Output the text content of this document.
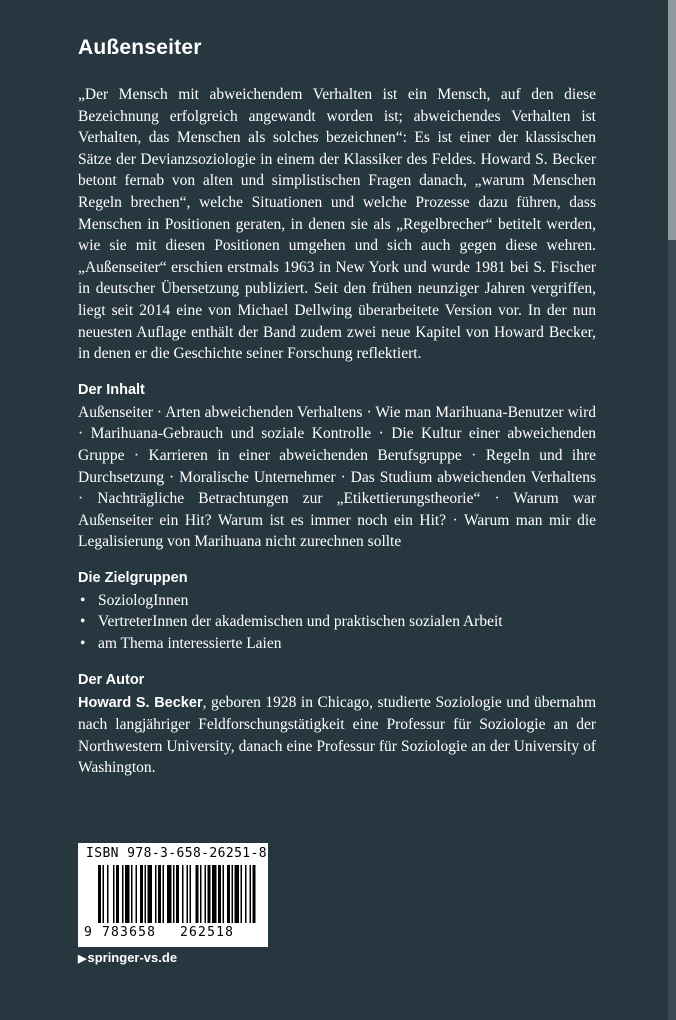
Außenseiter

„Der Mensch mit abweichendem Verhalten ist ein Mensch, auf den diese Bezeichnung erfolgreich angewandt worden ist; abweichendes Verhalten ist Verhalten, das Menschen als solches bezeichnen“: Es ist einer der klassischen Sätze der Devianzsoziologie in einem der Klassiker des Feldes. Howard S. Becker betont fernab von alten und simplistischen Fragen danach, „warum Menschen Regeln brechen“, welche Situationen und welche Prozesse dazu führen, dass Menschen in Positionen geraten, in denen sie als „Regelbrecher“ betitelt werden, wie sie mit diesen Positionen umgehen und sich auch gegen diese wehren. „Außenseiter“ erschien erstmals 1963 in New York und wurde 1981 bei S. Fischer in deutscher Übersetzung publiziert. Seit den frühen neunziger Jahren vergriffen, liegt seit 2014 eine von Michael Dellwing überarbeitete Version vor. In der nun neuesten Auflage enthält der Band zudem zwei neue Kapitel von Howard Becker, in denen er die Geschichte seiner Forschung reflektiert.

Der Inhalt

Außenseiter · Arten abweichenden Verhaltens · Wie man Marihuana-Benutzer wird · Marihuana-Gebrauch und soziale Kontrolle · Die Kultur einer abweichenden Gruppe · Karrieren in einer abweichenden Berufsgruppe · Regeln und ihre Durchsetzung · Moralische Unternehmer · Das Studium abweichenden Verhaltens · Nachträgliche Betrachtungen zur „Etikettierungstheorie“ · Warum war Außenseiter ein Hit? Warum ist es immer noch ein Hit? · Warum man mir die Legalisierung von Marihuana nicht zurechnen sollte

Die Zielgruppen
• SoziologInnen
• VertreterInnen der akademischen und praktischen sozialen Arbeit
• am Thema interessierte Laien
Der Autor

Howard S. Becker, geboren 1928 in Chicago, studierte Soziologie und übernahm nach langjähriger Feldforschungstätigkeit eine Professur für Soziologie an der Northwestern University, danach eine Professur für Soziologie an der University of Washington.

ISBN 978-3-658-26251-8
9 783658 262518
▶springer-vs.de
